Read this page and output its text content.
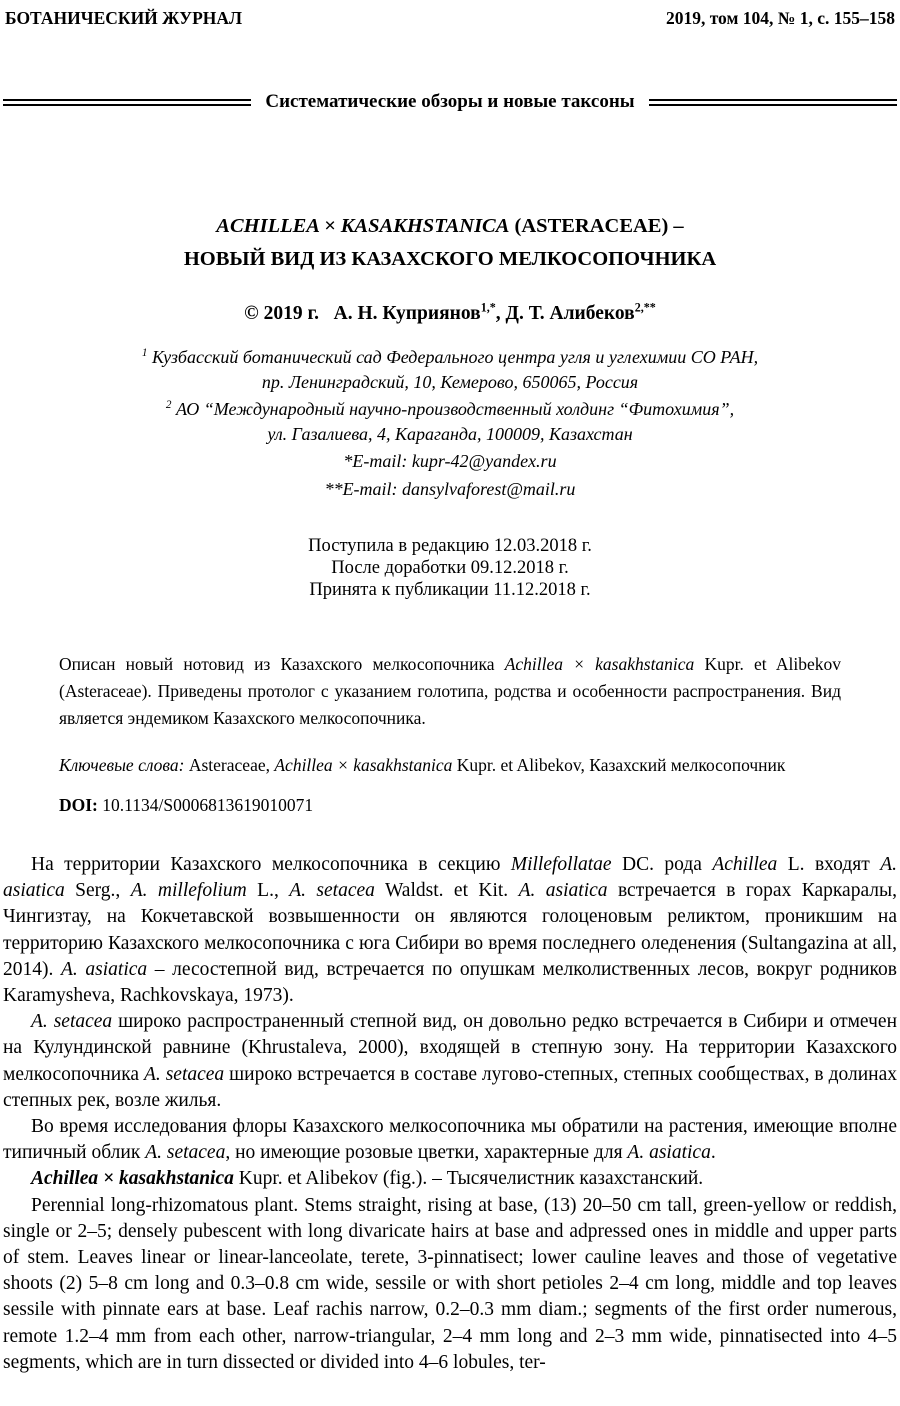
БОТАНИЧЕСКИЙ ЖУРНАЛ	2019, том 104, № 1, с. 155–158
Систематические обзоры и новые таксоны
ACHILLEA × KASAKHSTANICA (ASTERACEAE) –
НОВЫЙ ВИД ИЗ КАЗАХСКОГО МЕЛКОСОПОЧНИКА
© 2019 г.  А. Н. Куприянов$^{1,*}$, Д. Т. Алибеков$^{2,**}$
$^1$ Кузбасский ботанический сад Федерального центра угля и углехимии СО РАН,
пр. Ленинградский, 10, Кемерово, 650065, Россия
$^2$ АО “Международный научно-производственный холдинг “Фитохимия”,
ул. Газалиева, 4, Караганда, 100009, Казахстан
*E-mail: kupr-42@yandex.ru
**E-mail: dansylvaforest@mail.ru
Поступила в редакцию 12.03.2018 г.
После доработки 09.12.2018 г.
Принята к публикации 11.12.2018 г.
Описан новый нотовид из Казахского мелкосопочника Achillea × kasakhstanica Kupr. et Alibekov (Asteraceae). Приведены протолог с указанием голотипа, родства и особенности распространения. Вид является эндемиком Казахского мелкосопочника.
Ключевые слова: Asteraceae, Achillea × kasakhstanica Kupr. et Alibekov, Казахский мелкосопочник
DOI: 10.1134/S0006813619010071

На территории Казахского мелкосопочника в секцию Millefollatae DC. рода Achillea L. входят A. asiatica Serg., A. millefolium L., A. setacea Waldst. et Kit. A. asiatica встречается в горах Каркаралы, Чингизтау, на Кокчетавской возвышенности он являются голоценовым реликтом, проникшим на территорию Казахского мелкосопочника с юга Сибири во время последнего оледенения (Sultangazina at all, 2014). A. asiatica – лесостепной вид, встречается по опушкам мелколиственных лесов, вокруг родников Karamysheva, Rachkovskaya, 1973).

A. setacea широко распространенный степной вид, он довольно редко встречается в Сибири и отмечен на Кулундинской равнине (Khrustaleva, 2000), входящей в степную зону. На территории Казахского мелкосопочника A. setacea широко встречается в составе лугово-степных, степных сообществах, в долинах степных рек, возле жилья.

Во время исследования флоры Казахского мелкосопочника мы обратили на растения, имеющие вполне типичный облик A. setacea, но имеющие розовые цветки, характерные для A. asiatica.

Achillea × kasakhstanica Kupr. et Alibekov (fig.). – Тысячелистник казахстанский.

Perennial long-rhizomatous plant. Stems straight, rising at base, (13) 20–50 cm tall, green-yellow or reddish, single or 2–5; densely pubescent with long divaricate hairs at base and adpressed ones in middle and upper parts of stem. Leaves linear or linear-lanceolate, terete, 3-pinnatisect; lower cauline leaves and those of vegetative shoots (2) 5–8 cm long and 0.3–0.8 cm wide, sessile or with short petioles 2–4 cm long, middle and top leaves sessile with pinnate ears at base. Leaf rachis narrow, 0.2–0.3 mm diam.; segments of the first order numerous, remote 1.2–4 mm from each other, narrow-triangular, 2–4 mm long and 2–3 mm wide, pinnatisected into 4–5 segments, which are in turn dissected or divided into 4–6 lobules, ter-
